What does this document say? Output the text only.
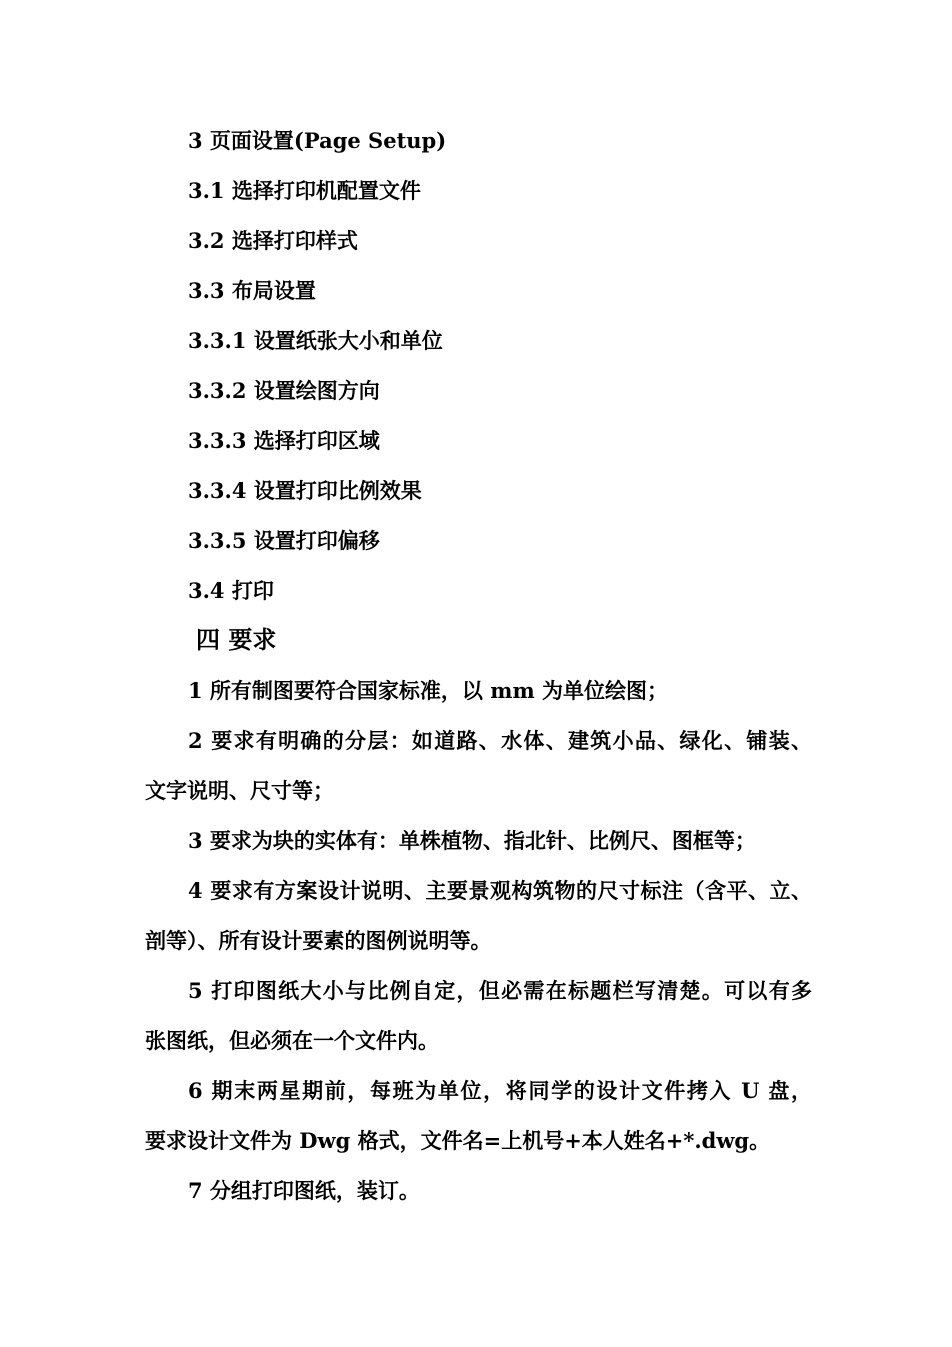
3 页面设置(Page Setup)
3.1 选择打印机配置文件
3.2 选择打印样式
3.3 布局设置
3.3.1 设置纸张大小和单位
3.3.2 设置绘图方向
3.3.3 选择打印区域
3.3.4 设置打印比例效果
3.3.5 设置打印偏移
3.4 打印
四 要求
1 所有制图要符合国家标准，以 mm 为单位绘图；
2 要求有明确的分层：如道路、水体、建筑小品、绿化、铺装、
文字说明、尺寸等；
3 要求为块的实体有：单株植物、指北针、比例尺、图框等；
4 要求有方案设计说明、主要景观构筑物的尺寸标注（含平、立、
剖等）、所有设计要素的图例说明等。
5 打印图纸大小与比例自定，但必需在标题栏写清楚。可以有多
张图纸，但必须在一个文件内。
6 期末两星期前，每班为单位，将同学的设计文件拷入 U 盘，
要求设计文件为 Dwg 格式，文件名=上机号+本人姓名+*.dwg。
7 分组打印图纸，装订。
